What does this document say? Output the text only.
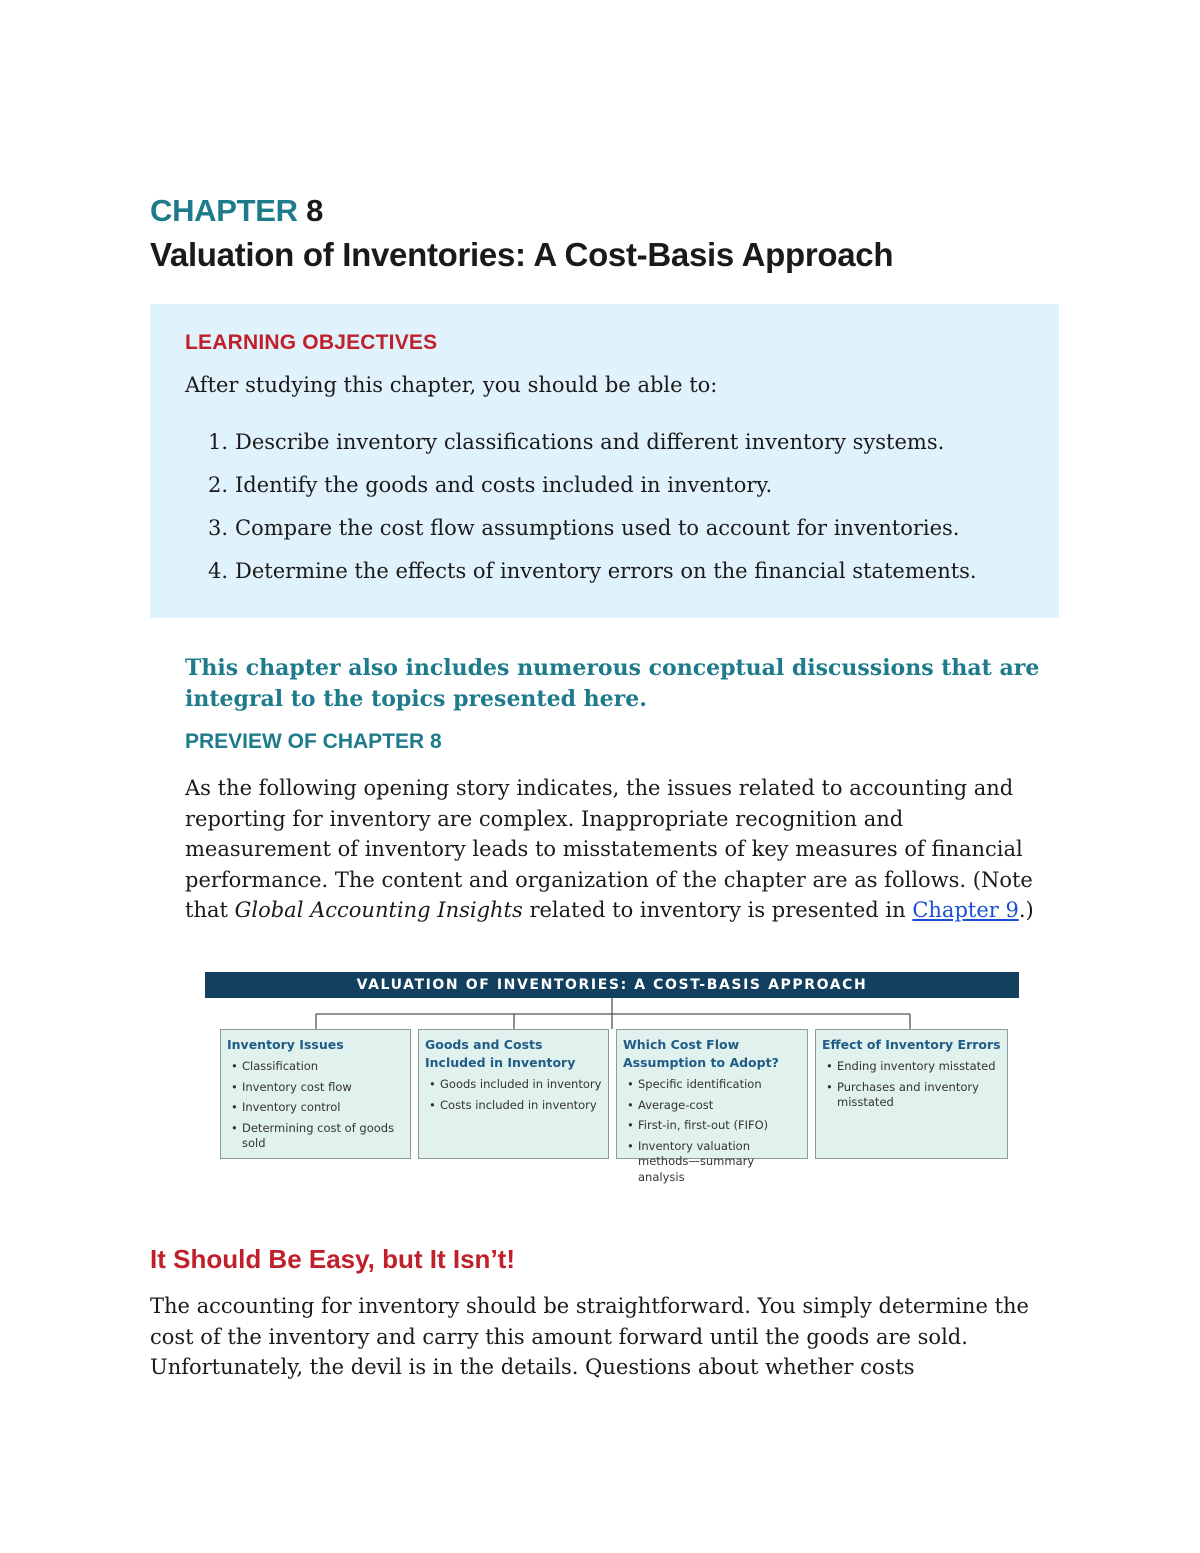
CHAPTER 8
Valuation of Inventories: A Cost-Basis Approach
LEARNING OBJECTIVES
After studying this chapter, you should be able to:
1. Describe inventory classifications and different inventory systems.
2. Identify the goods and costs included in inventory.
3. Compare the cost flow assumptions used to account for inventories.
4. Determine the effects of inventory errors on the financial statements.
This chapter also includes numerous conceptual discussions that are integral to the topics presented here.
PREVIEW OF CHAPTER 8
As the following opening story indicates, the issues related to accounting and reporting for inventory are complex. Inappropriate recognition and measurement of inventory leads to misstatements of key measures of financial performance. The content and organization of the chapter are as follows. (Note that Global Accounting Insights related to inventory is presented in Chapter 9.)
VALUATION OF INVENTORIES: A COST-BASIS APPROACH
Inventory Issues
• Classification
• Inventory cost flow
• Inventory control
• Determining cost of goods sold
Goods and Costs Included in Inventory
• Goods included in inventory
• Costs included in inventory
Which Cost Flow Assumption to Adopt?
• Specific identification
• Average-cost
• First-in, first-out (FIFO)
• Inventory valuation methods—summary analysis
Effect of Inventory Errors
• Ending inventory misstated
• Purchases and inventory misstated
It Should Be Easy, but It Isn’t!
The accounting for inventory should be straightforward. You simply determine the cost of the inventory and carry this amount forward until the goods are sold. Unfortunately, the devil is in the details. Questions about whether costs
